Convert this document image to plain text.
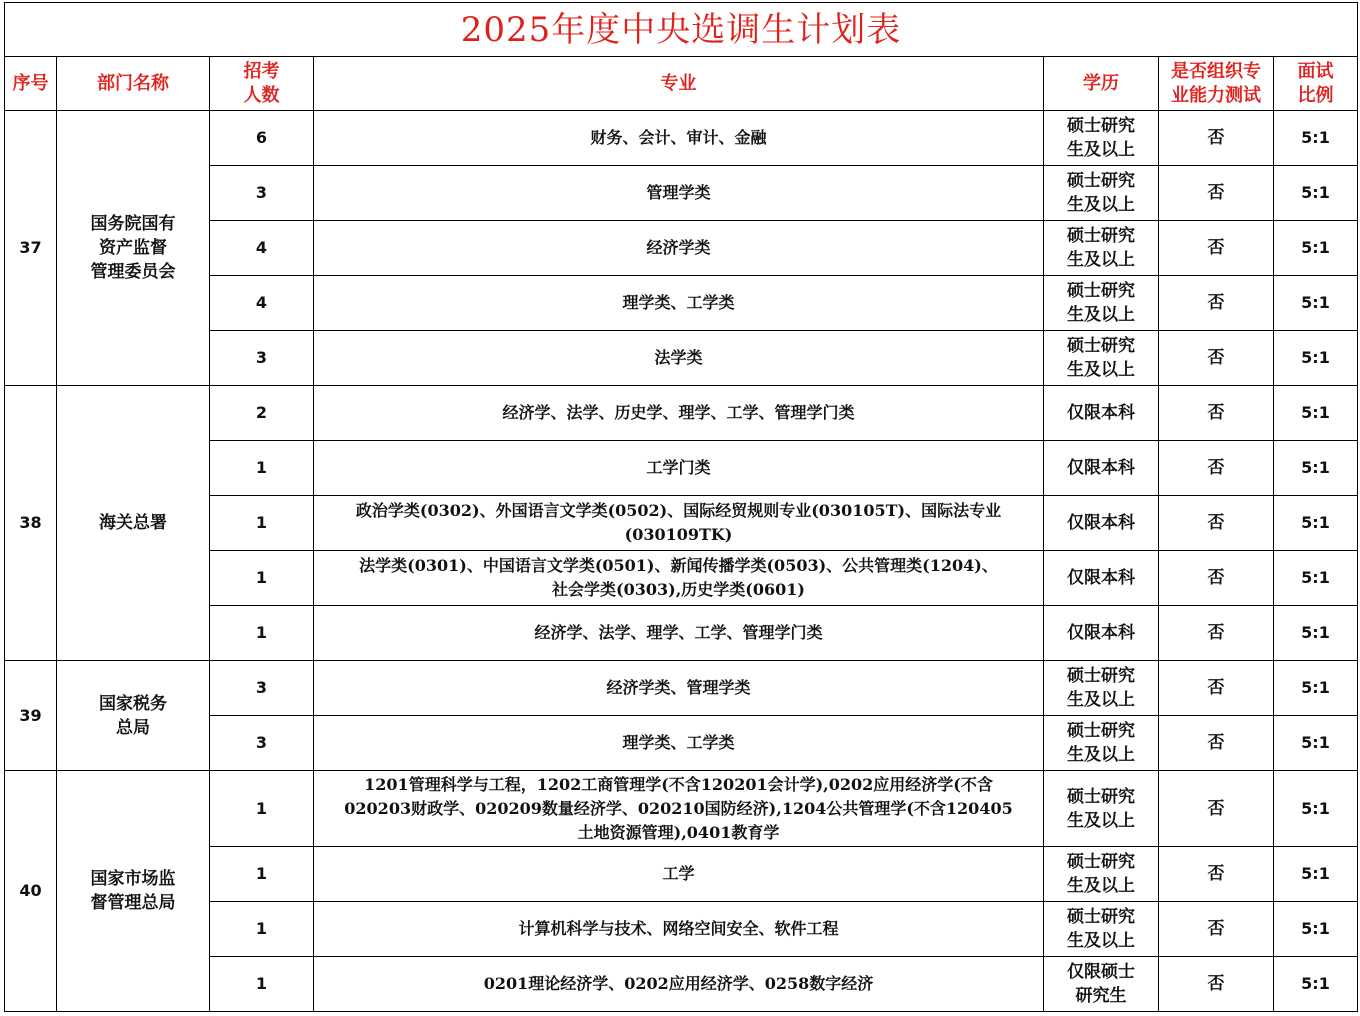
2025年度中央选调生计划表						
序号	部门名称	招考
人数	专业	学历	是否组织专
业能力测试	面试
比例
37	国务院国有
资产监督
管理委员会	6	财务、会计、审计、金融	硕士研究
生及以上	否	5:1
		3	管理学类	硕士研究
生及以上	否	5:1
		4	经济学类	硕士研究
生及以上	否	5:1
		4	理学类、工学类	硕士研究
生及以上	否	5:1
		3	法学类	硕士研究
生及以上	否	5:1
38	海关总署	2	经济学、法学、历史学、理学、工学、管理学门类	仅限本科	否	5:1
		1	工学门类	仅限本科	否	5:1
		1	政治学类(0302)、外国语言文学类(0502)、国际经贸规则专业(030105T)、国际法专业
(030109TK)	仅限本科	否	5:1
		1	法学类(0301)、中国语言文学类(0501)、新闻传播学类(0503)、公共管理类(1204)、
社会学类(0303),历史学类(0601)	仅限本科	否	5:1
		1	经济学、法学、理学、工学、管理学门类	仅限本科	否	5:1
39	国家税务
总局	3	经济学类、管理学类	硕士研究
生及以上	否	5:1
		3	理学类、工学类	硕士研究
生及以上	否	5:1
40	国家市场监
督管理总局	1	1201管理科学与工程，1202工商管理学(不含120201会计学),0202应用经济学(不含
020203财政学、020209数量经济学、020210国防经济),1204公共管理学(不含120405
土地资源管理),0401教育学	硕士研究
生及以上	否	5:1
		1	工学	硕士研究
生及以上	否	5:1
		1	计算机科学与技术、网络空间安全、软件工程	硕士研究
生及以上	否	5:1
		1	0201理论经济学、0202应用经济学、0258数字经济	仅限硕士
研究生	否	5:1
